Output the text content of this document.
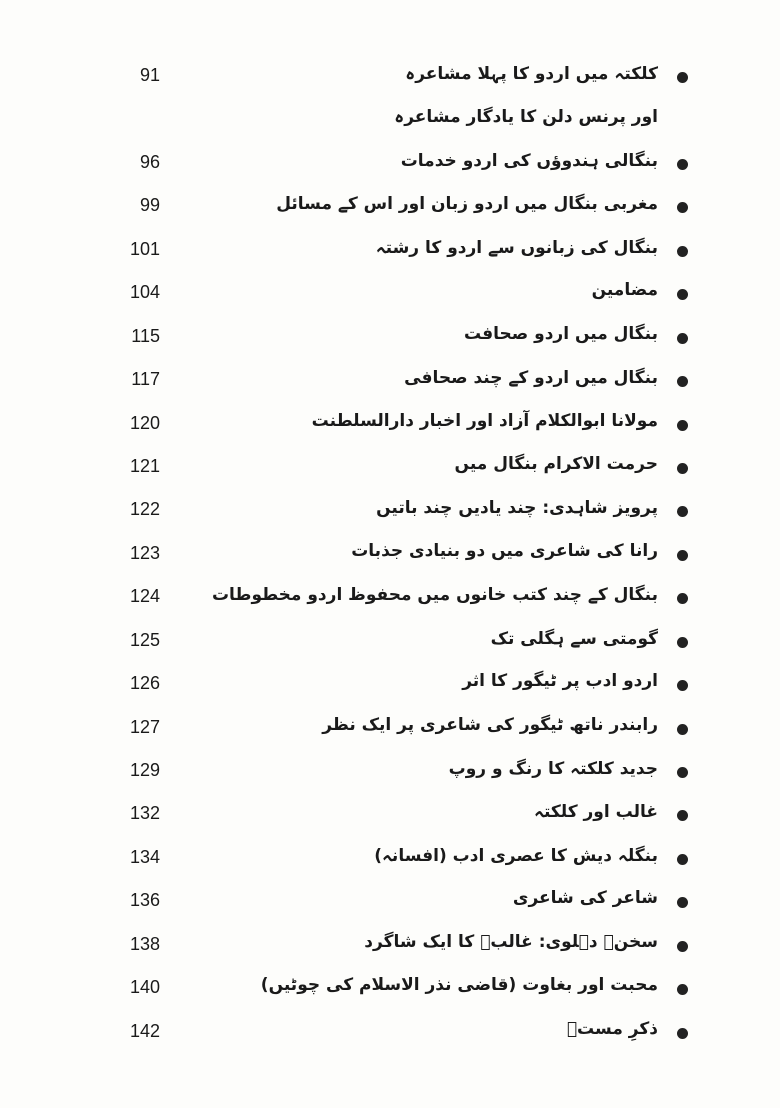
کلکتہ میں اردو کا پہلا مشاعرہ
91
اور پرنس دلن کا یادگار مشاعرہ
بنگالی ہندوؤں کی اردو خدمات
96
مغربی بنگال میں اردو زبان اور اس کے مسائل
99
بنگال کی زبانوں سے اردو کا رشتہ
101
مضامین
104
بنگال میں اردو صحافت
115
بنگال میں اردو کے چند صحافی
117
مولانا ابوالکلام آزاد اور اخبار دارالسلطنت
120
حرمت الاکرام بنگال میں
121
پرویز شاہدی: چند یادیں چند باتیں
122
رانا کی شاعری میں دو بنیادی جذبات
123
بنگال کے چند کتب خانوں میں محفوظ اردو مخطوطات
124
گومتی سے ہگلی تک
125
اردو ادب پر ٹیگور کا اثر
126
رابندر ناتھ ٹیگور کی شاعری پر ایک نظر
127
جدید کلکتہ کا رنگ و روپ
129
غالب اور کلکتہ
132
بنگلہ دیش کا عصری ادب (افسانہ)
134
شاعر کی شاعری
136
سخنؔ دہلوی: غالبؔ کا ایک شاگرد
138
محبت اور بغاوت (قاضی نذر الاسلام کی چوٹیں)
140
ذکرِ مستؔ
142
